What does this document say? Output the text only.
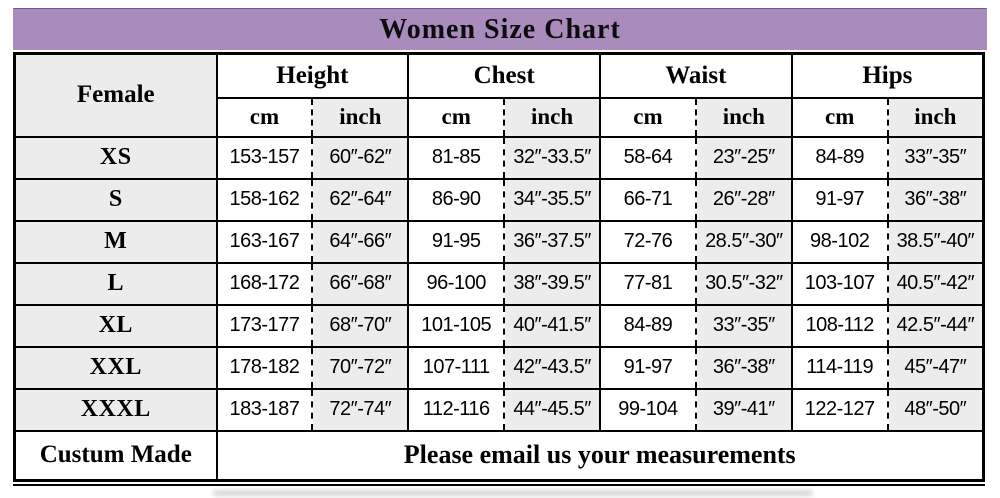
Women Size Chart
Female	Height		Chest		Waist		Hips	
	cm	inch	cm	inch	cm	inch	cm	inch
XS	153-157	60″-62″	81-85	32″-33.5″	58-64	23″-25″	84-89	33″-35″
S	158-162	62″-64″	86-90	34″-35.5″	66-71	26″-28″	91-97	36″-38″
M	163-167	64″-66″	91-95	36″-37.5″	72-76	28.5″-30″	98-102	38.5″-40″
L	168-172	66″-68″	96-100	38″-39.5″	77-81	30.5″-32″	103-107	40.5″-42″
XL	173-177	68″-70″	101-105	40″-41.5″	84-89	33″-35″	108-112	42.5″-44″
XXL	178-182	70″-72″	107-111	42″-43.5″	91-97	36″-38″	114-119	45″-47″
XXXL	183-187	72″-74″	112-116	44″-45.5″	99-104	39″-41″	122-127	48″-50″
Custum Made	Please email us your measurements							
